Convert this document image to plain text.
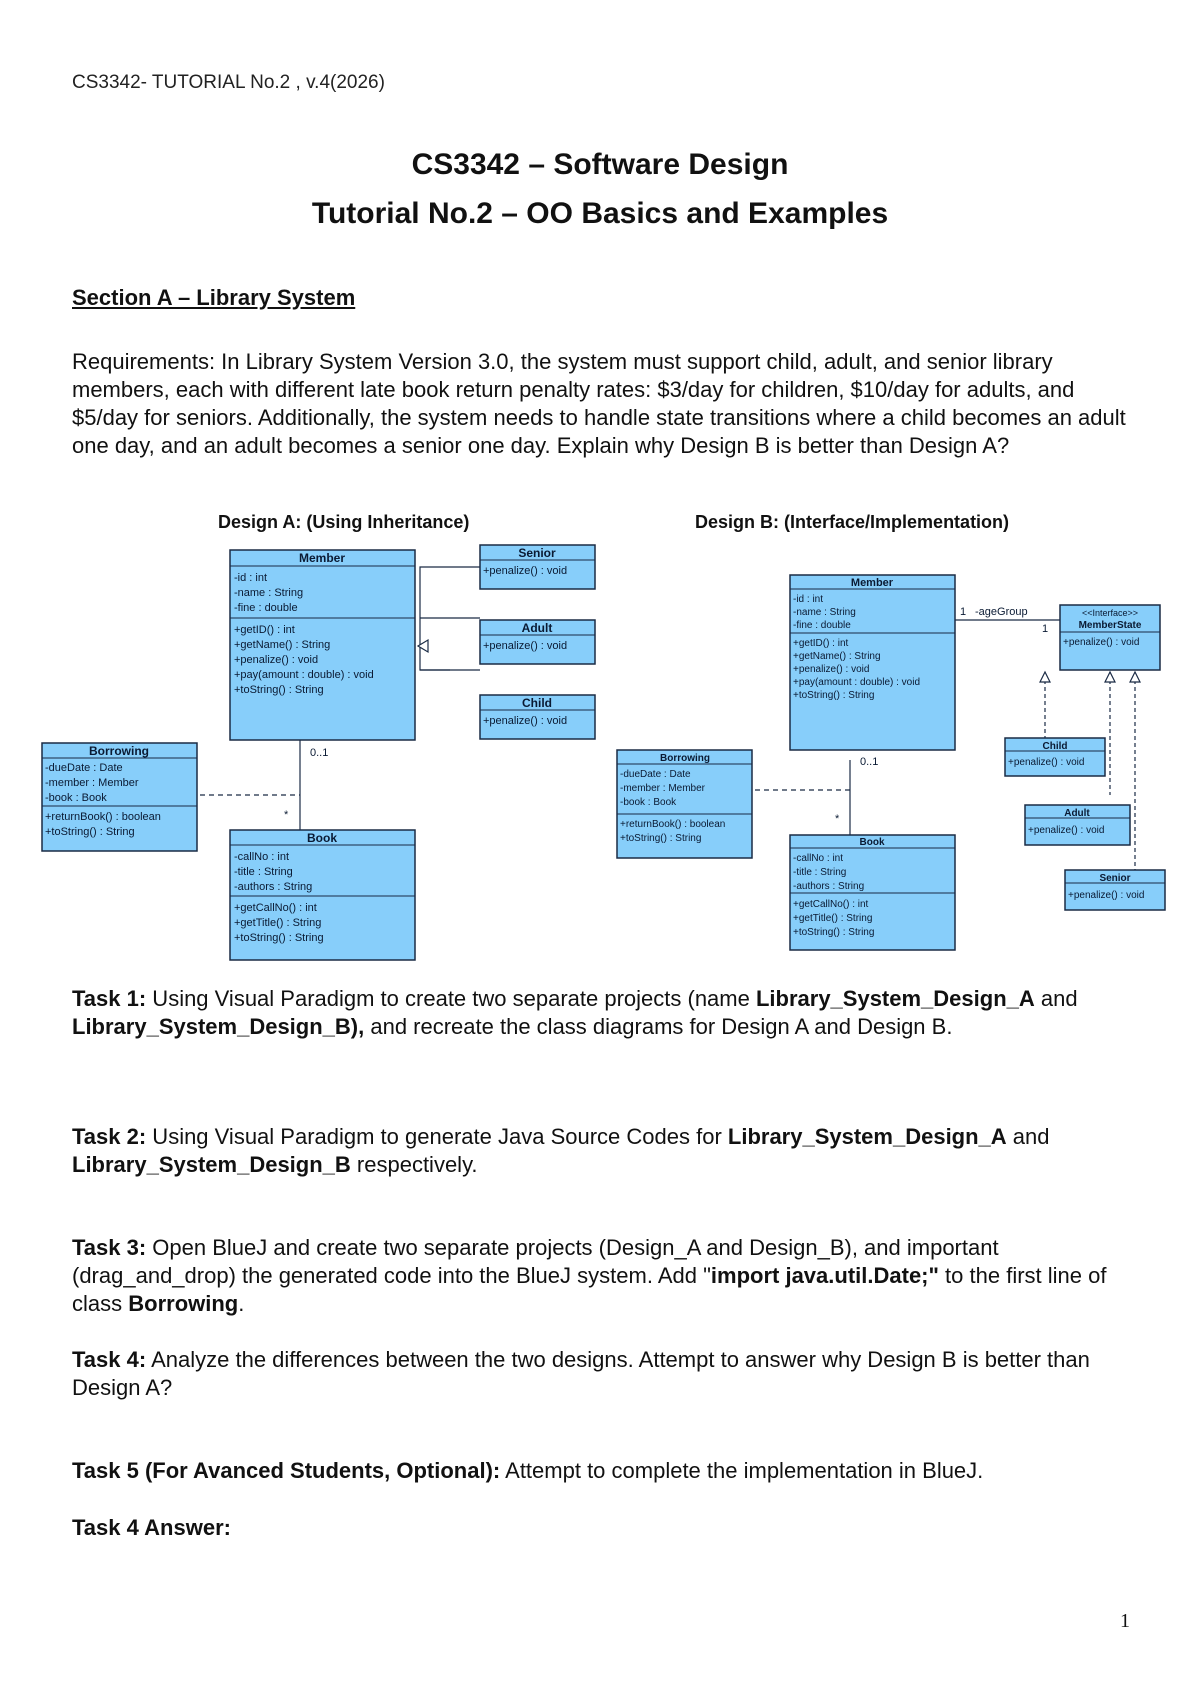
CS3342- TUTORIAL No.2 , v.4(2026)
CS3342 – Software Design
Tutorial No.2 – OO Basics and Examples
Section A – Library System
Requirements: In Library System Version 3.0, the system must support child, adult, and senior library members, each with different late book return penalty rates: $3/day for children, $10/day for adults, and $5/day for seniors. Additionally, the system needs to handle state transitions where a child becomes an adult one day, and an adult becomes a senior one day. Explain why Design B is better than Design A?
Design A: (Using Inheritance)	Design B: (Interface/Implementation)
0..1
*
Member
-id : int
-name : String
-fine : double
+getID() : int
+getName() : String
+penalize() : void
+pay(amount : double) : void
+toString() : String
Senior
+penalize() : void
Adult
+penalize() : void
Child
+penalize() : void
Borrowing
-dueDate : Date
-member : Member
-book : Book
+returnBook() : boolean
+toString() : String	Book
-callNo : int
-title : String
-authors : String
+getCallNo() : int
+getTitle() : String
+toString() : String
1 -ageGroup
1
0..1
*
Member
-id : int
-name : String
-fine : double
+getID() : int
+getName() : String
+penalize() : void
+pay(amount : double) : void
+toString() : String
<<Interface>>
MemberState
+penalize() : void
Child
+penalize() : void
Adult
+penalize() : void
Senior
+penalize() : void
Borrowing
-dueDate : Date
-member : Member
-book : Book
+returnBook() : boolean
+toString() : String	Book
-callNo : int
-title : String
-authors : String
+getCallNo() : int
+getTitle() : String
+toString() : String
Task 1: Using Visual Paradigm to create two separate projects (name Library_System_Design_A and Library_System_Design_B), and recreate the class diagrams for Design A and Design B.
Task 2: Using Visual Paradigm to generate Java Source Codes for Library_System_Design_A and Library_System_Design_B respectively.
Task 3: Open BlueJ and create two separate projects (Design_A and Design_B), and important (drag_and_drop) the generated code into the BlueJ system. Add "import java.util.Date;" to the first line of class Borrowing.
Task 4: Analyze the differences between the two designs. Attempt to answer why Design B is better than Design A?
Task 5 (For Avanced Students, Optional): Attempt to complete the implementation in BlueJ.
Task 4 Answer:
1
